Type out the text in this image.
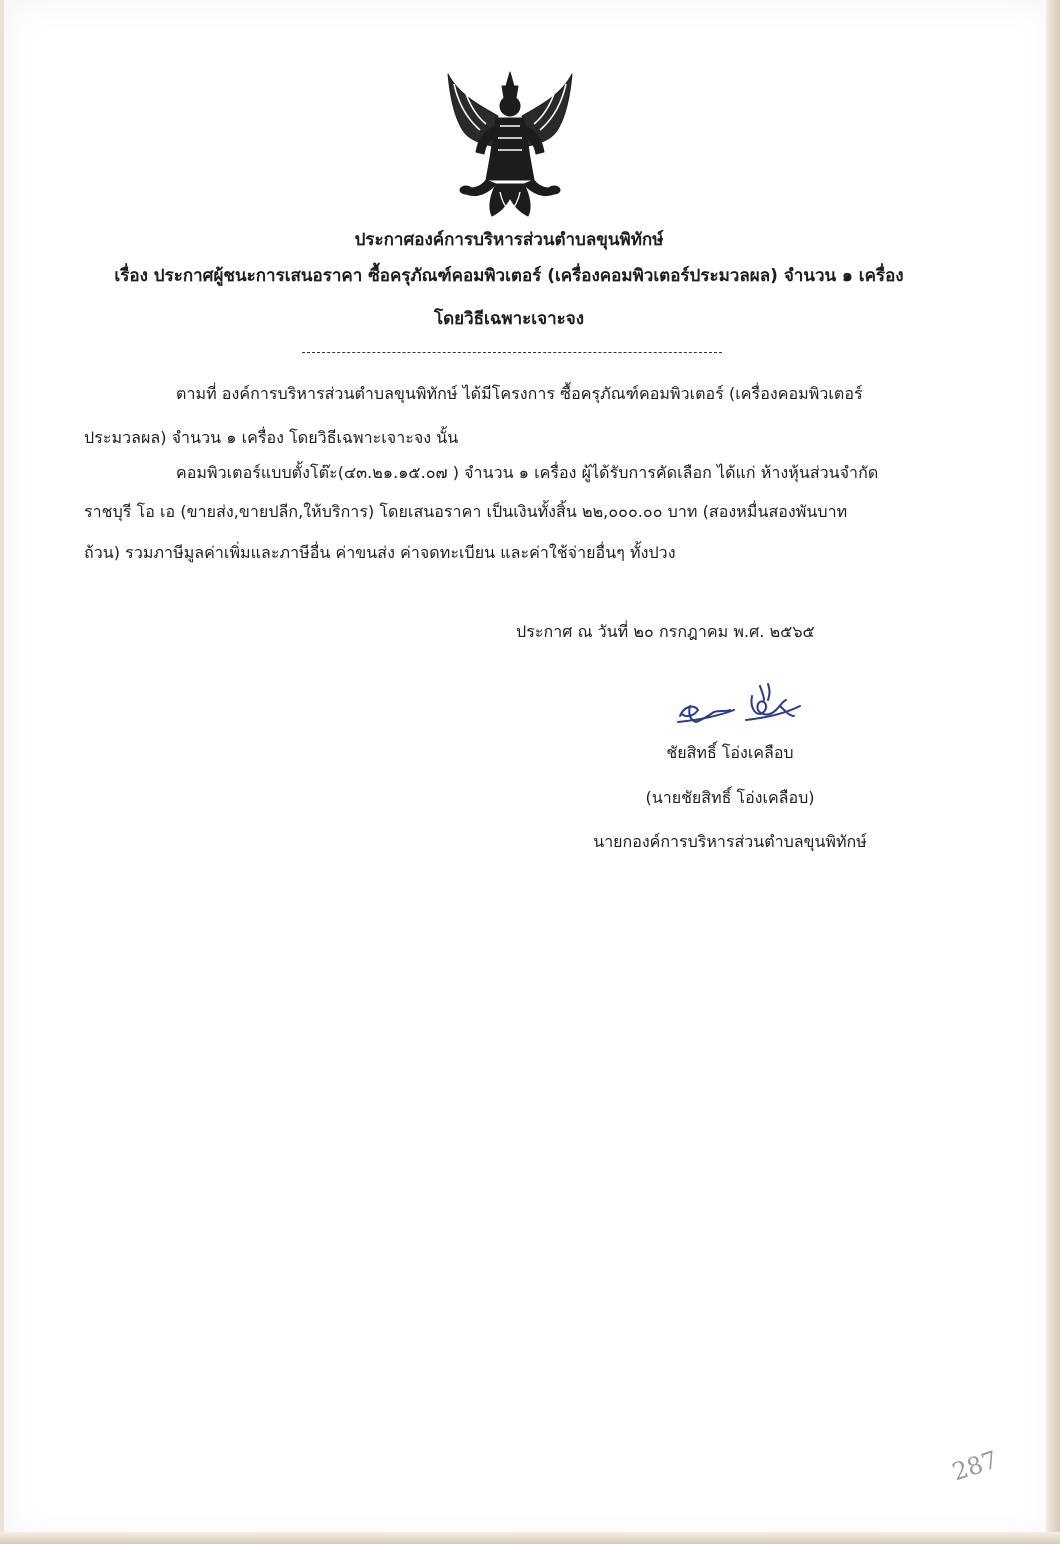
ประกาศองค์การบริหารส่วนตำบลขุนพิทักษ์
เรื่อง ประกาศผู้ชนะการเสนอราคา ซื้อครุภัณฑ์คอมพิวเตอร์ (เครื่องคอมพิวเตอร์ประมวลผล) จำนวน ๑ เครื่อง
โดยวิธีเฉพาะเจาะจง
ตามที่ องค์การบริหารส่วนตำบลขุนพิทักษ์ ได้มีโครงการ ซื้อครุภัณฑ์คอมพิวเตอร์ (เครื่องคอมพิวเตอร์
ประมวลผล) จำนวน ๑ เครื่อง โดยวิธีเฉพาะเจาะจง นั้น
คอมพิวเตอร์แบบตั้งโต๊ะ(๔๓.๒๑.๑๕.๐๗ ) จำนวน ๑ เครื่อง ผู้ได้รับการคัดเลือก ได้แก่ ห้างหุ้นส่วนจำกัด
ราชบุรี โอ เอ (ขายส่ง,ขายปลีก,ให้บริการ) โดยเสนอราคา เป็นเงินทั้งสิ้น ๒๒,๐๐๐.๐๐ บาท (สองหมื่นสองพันบาท
ถ้วน) รวมภาษีมูลค่าเพิ่มและภาษีอื่น ค่าขนส่ง ค่าจดทะเบียน และค่าใช้จ่ายอื่นๆ ทั้งปวง
ประกาศ ณ วันที่ ๒๐ กรกฎาคม พ.ศ. ๒๕๖๕
ชัยสิทธิ์ โอ่งเคลือบ
(นายชัยสิทธิ์ โอ่งเคลือบ)
นายกองค์การบริหารส่วนตำบลขุนพิทักษ์
287
